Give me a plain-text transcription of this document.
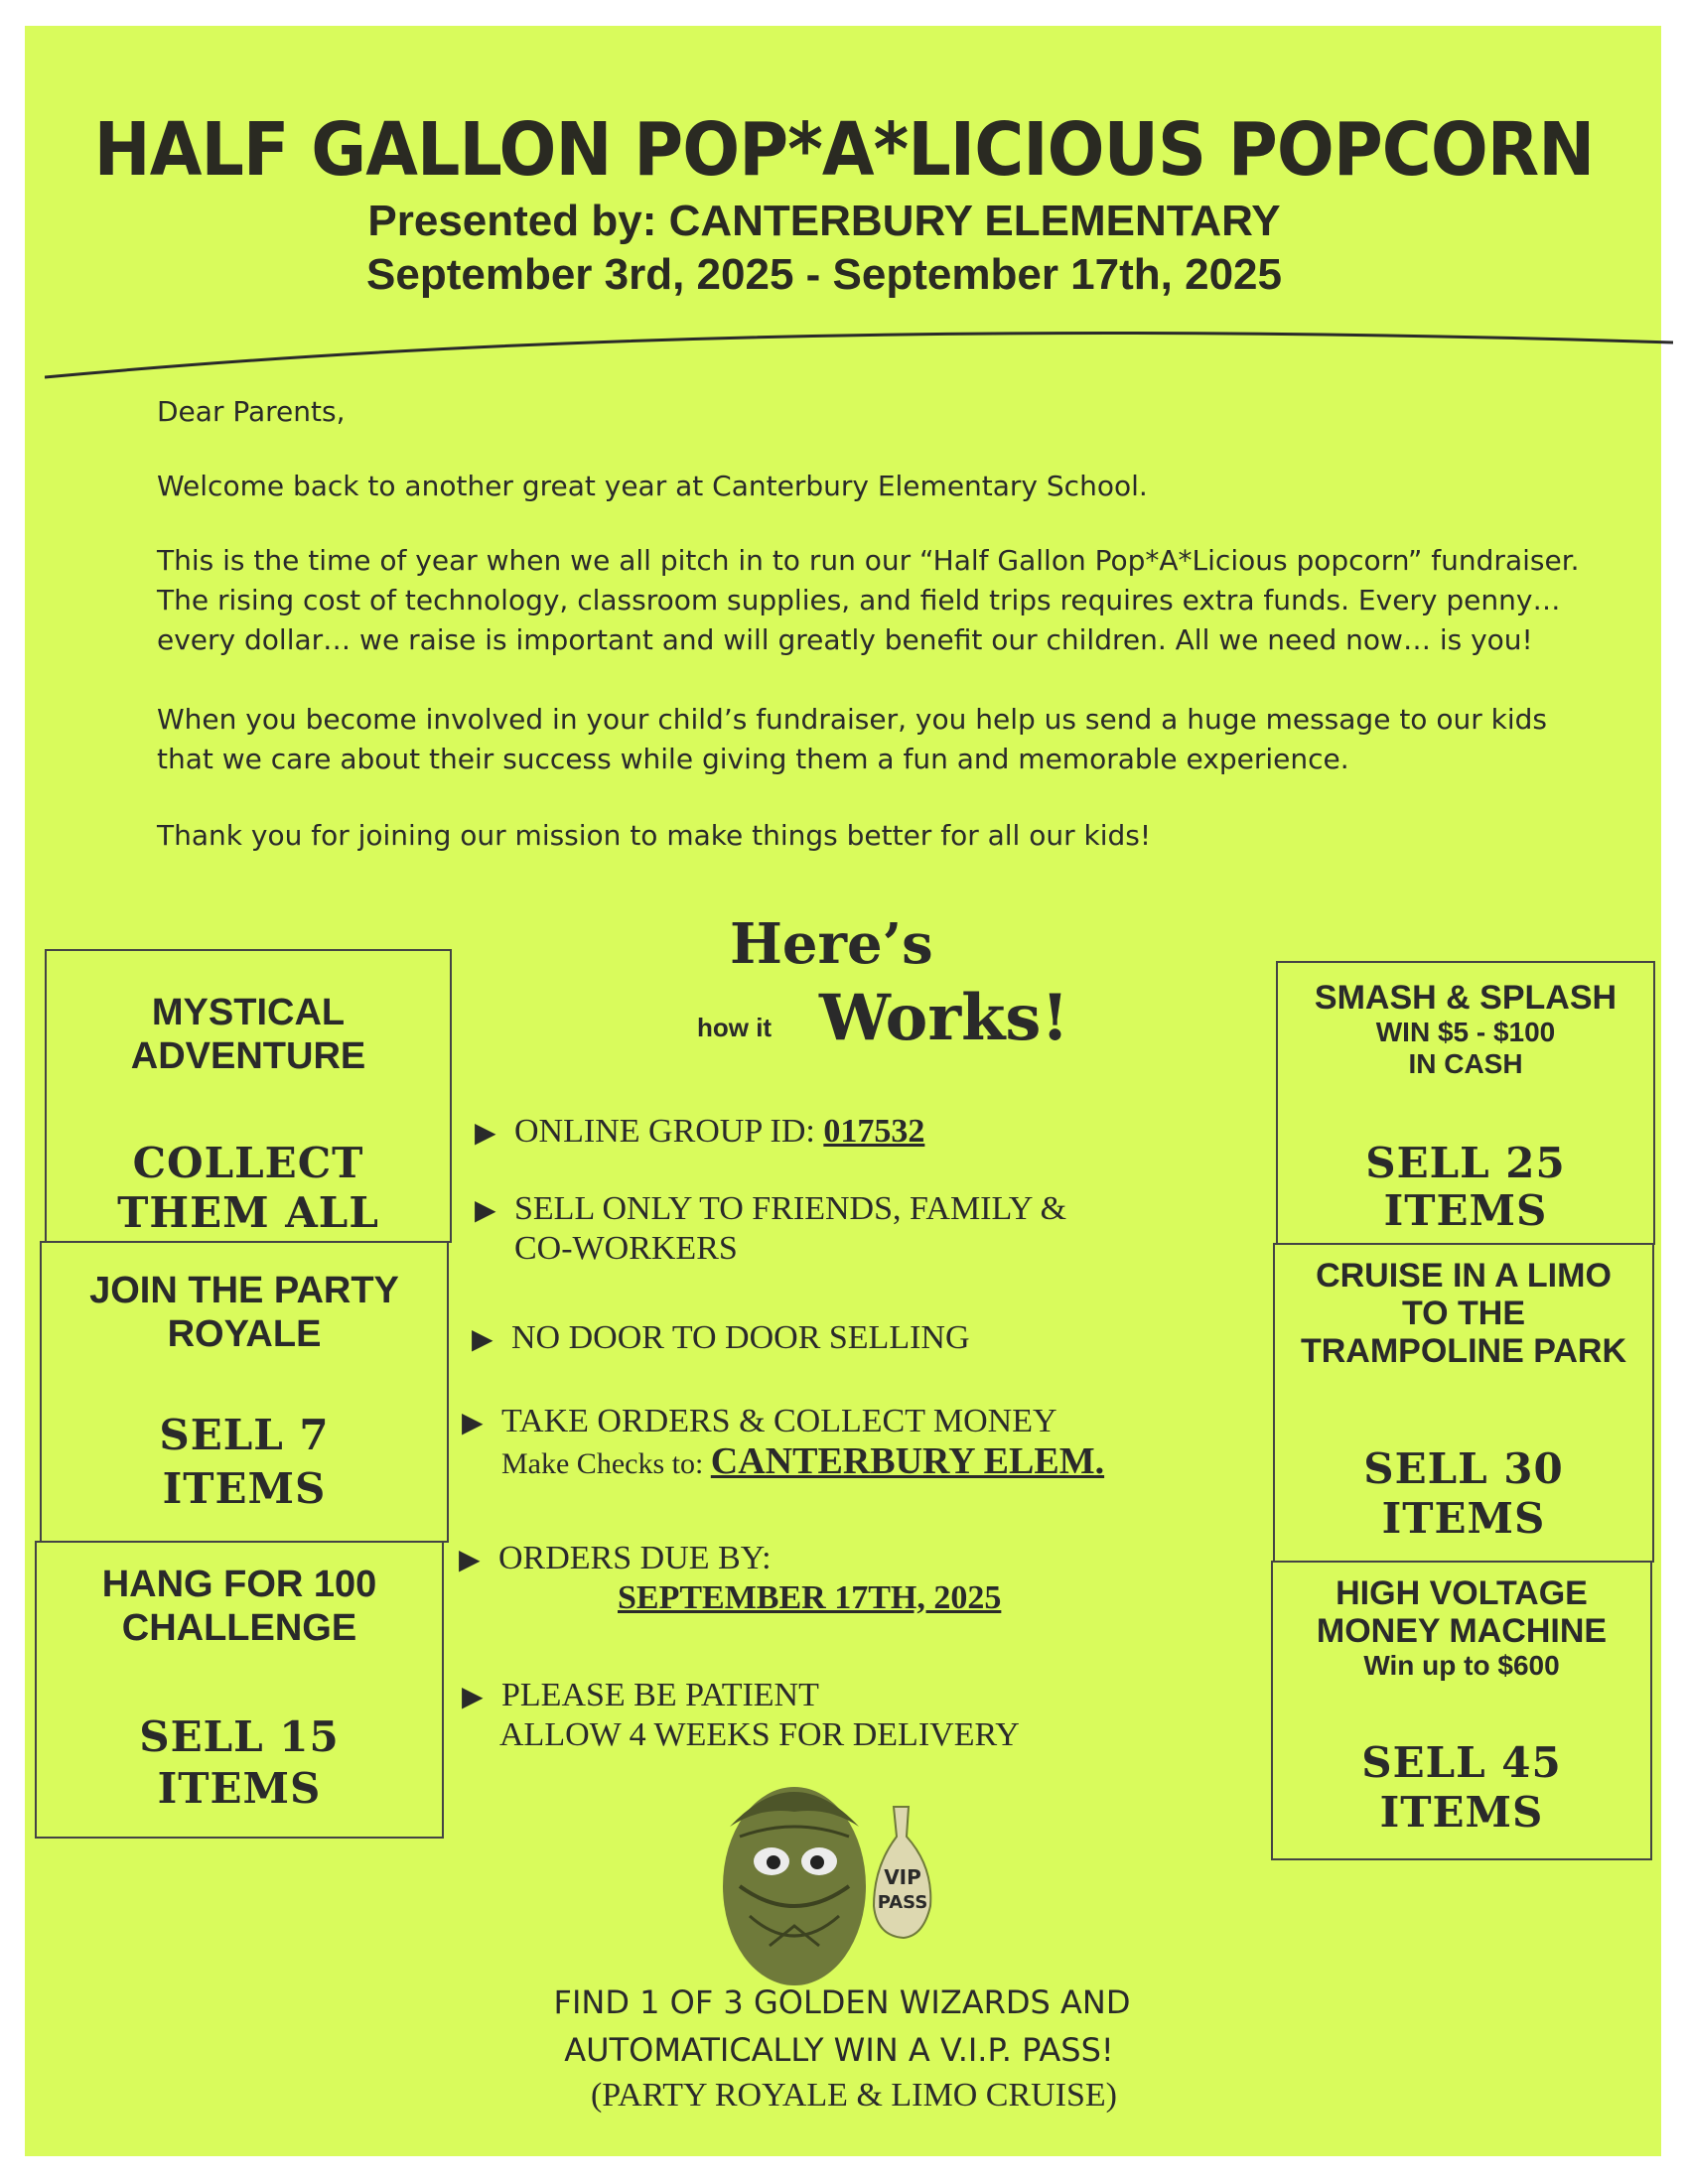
HALF GALLON POP*A*LICIOUS POPCORN
Presented by: CANTERBURY ELEMENTARY
September 3rd, 2025 - September 17th, 2025
Dear Parents,
Welcome back to another great year at Canterbury Elementary School.
This is the time of year when we all pitch in to run our “Half Gallon Pop*A*Licious popcorn” fundraiser. The rising cost of technology, classroom supplies, and field trips requires extra funds. Every penny… every dollar… we raise is important and will greatly benefit our children. All we need now… is you!
When you become involved in your child’s fundraiser, you help us send a huge message to our kids that we care about their success while giving them a fun and memorable experience.
Thank you for joining our mission to make things better for all our kids!
Here’s
how it Works!
MYSTICAL ADVENTURE
COLLECT
THEM ALL
JOIN THE PARTY ROYALE
SELL 7
ITEMS
HANG FOR 100 CHALLENGE
SELL 15
ITEMS
SMASH & SPLASH
WIN $5 - $100
IN CASH
SELL 25
ITEMS
CRUISE IN A LIMO TO THE TRAMPOLINE PARK
SELL 30
ITEMS
HIGH VOLTAGE MONEY MACHINE
Win up to $600
SELL 45
ITEMS
▶ ONLINE GROUP ID: 017532
▶ SELL ONLY TO FRIENDS, FAMILY &
CO-WORKERS
▶ NO DOOR TO DOOR SELLING
▶ TAKE ORDERS & COLLECT MONEY
Make Checks to: CANTERBURY ELEM.
▶ ORDERS DUE BY:
SEPTEMBER 17TH, 2025
▶ PLEASE BE PATIENT
ALLOW 4 WEEKS FOR DELIVERY
VIP
PASS
FIND 1 OF 3 GOLDEN WIZARDS AND
AUTOMATICALLY WIN A V.I.P. PASS!
(PARTY ROYALE & LIMO CRUISE)
